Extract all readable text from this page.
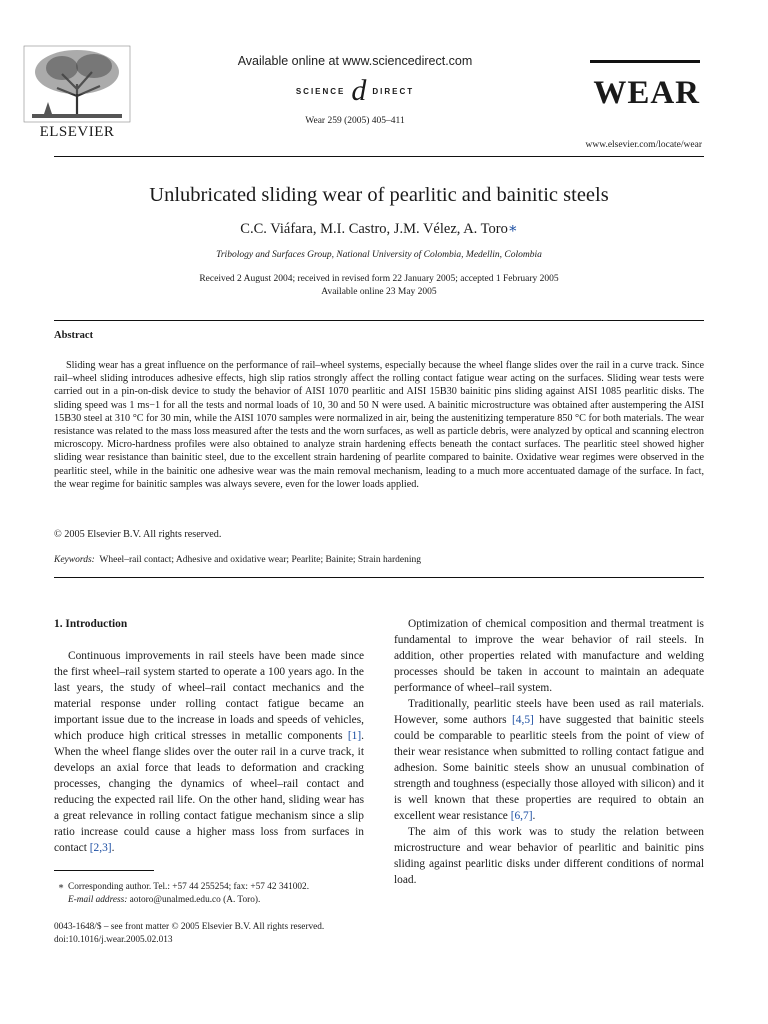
ELSEVIER
Available online at www.sciencedirect.com
SCIENCE d DIRECT
Wear 259 (2005) 405–411
WEAR
www.elsevier.com/locate/wear
Unlubricated sliding wear of pearlitic and bainitic steels
C.C. Viáfara, M.I. Castro, J.M. Vélez, A. Toro∗
Tribology and Surfaces Group, National University of Colombia, Medellin, Colombia
Received 2 August 2004; received in revised form 22 January 2005; accepted 1 February 2005
Available online 23 May 2005
Abstract

Sliding wear has a great influence on the performance of rail–wheel systems, especially because the wheel flange slides over the rail in a curve track. Since rail–wheel sliding introduces adhesive effects, high slip ratios strongly affect the rolling contact fatigue wear acting on the surfaces. Sliding wear tests were carried out in a pin-on-disk device to study the behavior of AISI 1070 pearlitic and AISI 15B30 bainitic pins sliding against AISI 1085 pearlitic disks. The sliding speed was 1 ms−1 for all the tests and normal loads of 10, 30 and 50 N were used. A bainitic microstructure was obtained after austempering the AISI 15B30 steel at 310 °C for 30 min, while the AISI 1070 samples were normalized in air, being the austenitizing temperature 850 °C for both materials. The wear resistance was related to the mass loss measured after the tests and the worn surfaces, as well as particle debris, were analyzed by optical and scanning electron microscopy. Micro-hardness profiles were also obtained to analyze strain hardening effects beneath the contact surfaces. The pearlitic steel showed higher sliding wear resistance than bainitic steel, due to the excellent strain hardening of pearlite compared to bainite. Oxidative wear regimes were observed in the pearlitic steel, while in the bainitic one adhesive wear was the main removal mechanism, leading to a much more accentuated damage of the surface. In fact, the wear regime for bainitic samples was always severe, even for the lower loads applied.

© 2005 Elsevier B.V. All rights reserved.
Keywords: Wheel–rail contact; Adhesive and oxidative wear; Pearlite; Bainite; Strain hardening
1. Introduction

Continuous improvements in rail steels have been made since the first wheel–rail system started to operate a 100 years ago. In the last years, the study of wheel–rail contact mechanics and the material response under rolling contact fatigue became an important issue due to the increase in loads and speeds of vehicles, which produce high critical stresses in metallic components [1]. When the wheel flange slides over the outer rail in a curve track, it develops an axial force that leads to deformation and cracking processes, changing the dynamics of wheel–rail contact and reducing the expected rail life. On the other hand, sliding wear has a great relevance in rolling contact fatigue mechanism since a slip ratio increase could cause a higher mass loss from surfaces in contact [2,3].

∗ Corresponding author. Tel.: +57 44 255254; fax: +57 42 341002.
E-mail address: aotoro@unalmed.edu.co (A. Toro).
0043-1648/$ – see front matter © 2005 Elsevier B.V. All rights reserved.
doi:10.1016/j.wear.2005.02.013

Optimization of chemical composition and thermal treatment is fundamental to improve the wear behavior of rail steels. In addition, other properties related with manufacture and welding processes should be taken in account to maintain an adequate performance of wheel–rail system.

Traditionally, pearlitic steels have been used as rail materials. However, some authors [4,5] have suggested that bainitic steels could be comparable to pearlitic steels from the point of view of their wear resistance when submitted to rolling contact fatigue and adhesion. Some bainitic steels show an unusual combination of strength and toughness (especially those alloyed with silicon) and it is well known that these properties are required to obtain an excellent wear resistance [6,7].

The aim of this work was to study the relation between microstructure and wear behavior of pearlitic and bainitic pins sliding against pearlitic disks under different conditions of normal load.
